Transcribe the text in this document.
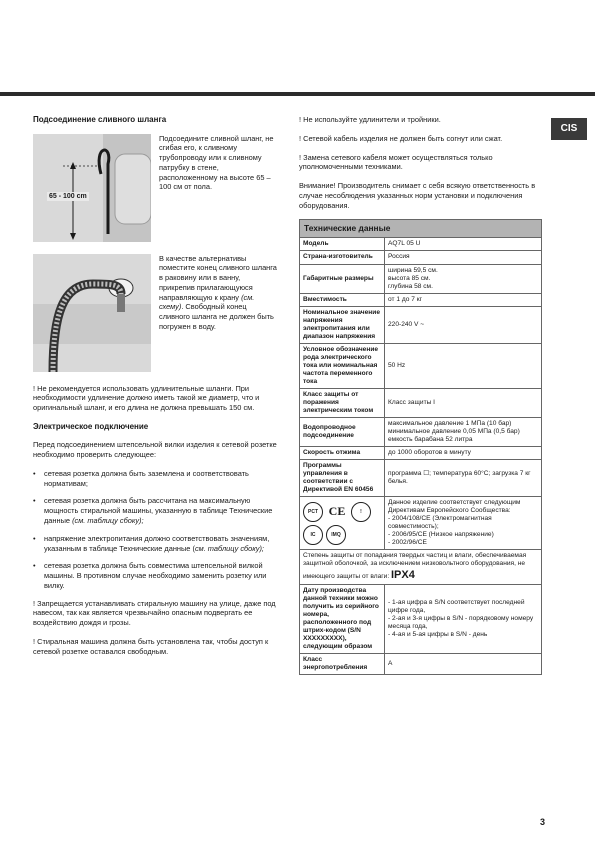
CIS
Подсоединение сливного шланга
65 - 100 cm
Подсоедините сливной шланг, не сгибая его, к сливному трубопроводу или к сливному патрубку в стене, расположенному на высоте 65 – 100 см от пола.
В качестве альтернативы поместите конец сливного шланга в раковину или в ванну, прикрепив прилагающуюся направляющую к крану (см. схему). Свободный конец сливного шланга не должен быть погружен в воду.

! Не рекомендуется использовать удлинительные шланги. При необходимости удлинение должно иметь такой же диаметр, что и оригинальный шланг, и его длина не должна превышать 150 см.

Электрическое подключение

Перед подсоединением штепсельной вилки изделия к сетевой розетке необходимо проверить следующее:

• сетевая розетка должна быть заземлена и соответствовать нормативам;
• сетевая розетка должна быть рассчитана на максимальную мощность стиральной машины, указанную в таблице Технические данные (см. таблицу сбоку);
• напряжение электропитания должно соответствовать значениям, указанным в таблице Технические данные (см. таблицу сбоку);
• сетевая розетка должна быть совместима штепсельной вилкой машины. В противном случае необходимо заменить розетку или вилку.

! Запрещается устанавливать стиральную машину на улице, даже под навесом, так как является чрезвычайно опасным подвергать ее воздействию дождя и грозы.

! Стиральная машина должна быть установлена так, чтобы доступ к сетевой розетке оставался свободным.

! Не используйте удлинители и тройники.

! Сетевой кабель изделия не должен быть согнут или сжат.

! Замена сетевого кабеля может осуществляться только уполномоченными техниками.

Внимание! Производитель снимает с себя всякую ответственность в случае несоблюдения указанных норм установки и подключения оборудования.

Технические данные	
Модель	AQ7L 05 U
Страна-изготовитель	Россия
Габаритные размеры	ширина 59,5 см.
высота 85 см.
глубина 58 см.
Вместимость	от 1 до 7 кг
Номинальное значение напряжения электропитания или диапазон напряжения	220-240 V ~
Условное обозначение рода электрического тока или номинальная частота переменного тока	50 Hz
Класс защиты от поражения электрическим током	Класс защиты I
Водопроводное подсоединение	максимальное давление 1 МПа (10 бар)
минимальное давление 0,05 МПа (0,5 бар)
емкость барабана 52 литра
Скорость отжима	до 1000 оборотов в минуту
Программы управления в соответствии с Директивой EN 60456	программа ☐; температура 60°C; загрузка 7 кг белья.

PCT CE !
IC IMQ	Данное изделие соответствует следующим Директивам Европейского Сообщества:
- 2004/108/CE (Электромагнитная совместимость);
- 2006/95/CE (Низкое напряжение)
- 2002/96/CE
Степень защиты от попадания твердых частиц и влаги, обеспечиваемая защитной оболочкой, за исключением низковольтного оборудования, не имеющего защиты от влаги: IPX4	
Дату производства данной техники можно получить из серийного номера, расположенного под штрих-кодом (S/N XXXXXXXXX), следующим образом	- 1-ая цифра в S/N соответствует последней цифре года,
- 2-ая и 3-я цифры в S/N - порядковому номеру месяца года,
- 4-ая и 5-ая цифры в S/N - день
Класс энергопотребления	A
3
